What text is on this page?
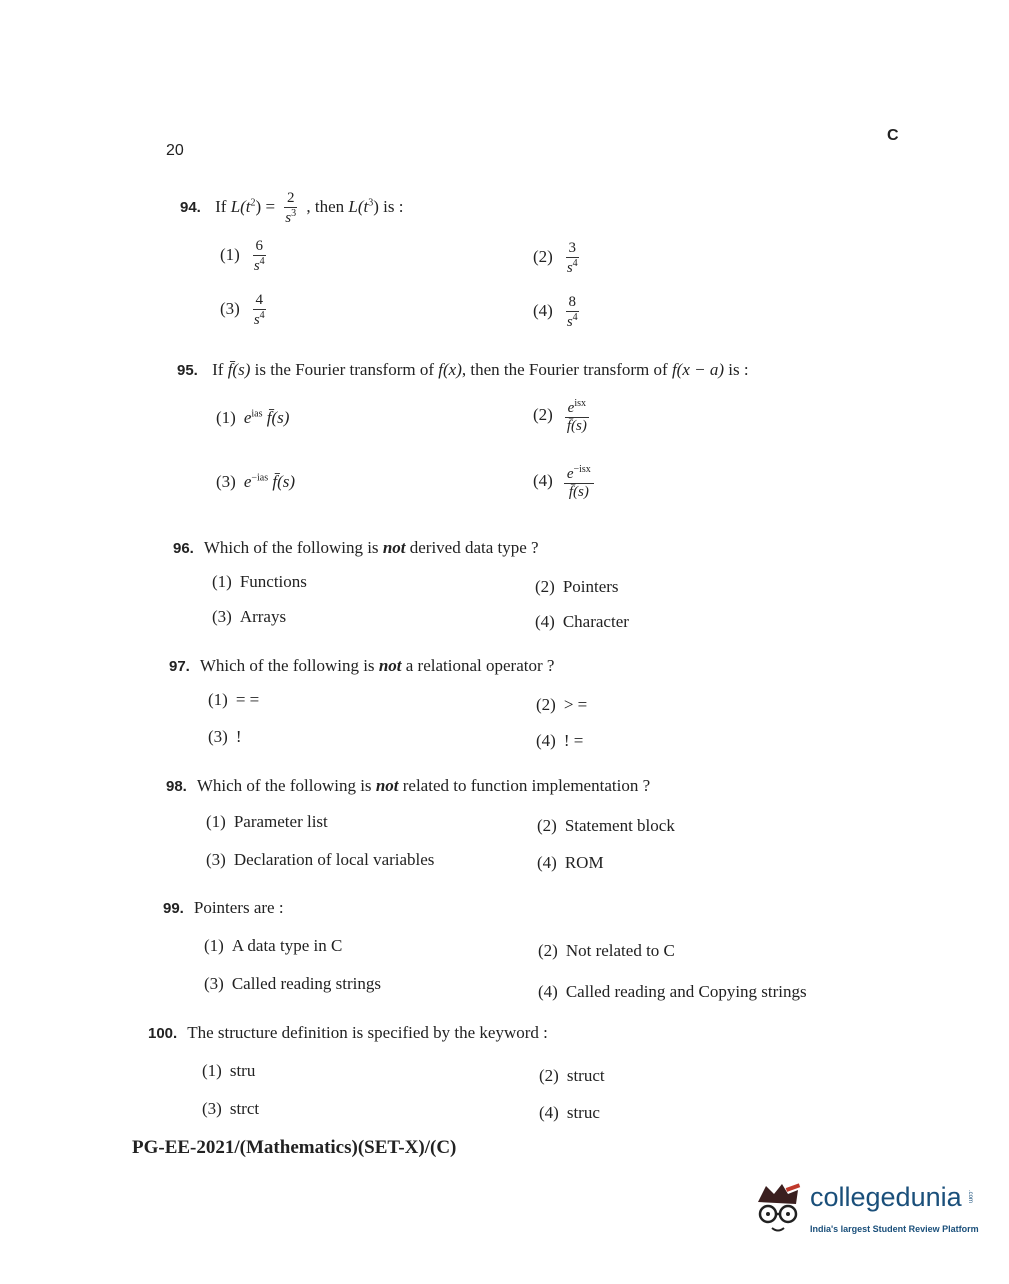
20
C
94. If $L(t^2) = \frac{2}{s^3}$ , then $L(t^3)$ is :
$(1) \frac{6}{s^4}$	$(2) \frac{3}{s^4}$
$(3) \frac{4}{s^4}$	$(4) \frac{8}{s^4}$
95. If f̄(s) is the Fourier transform of f(x), then the Fourier transform of f(x − a) is :
(1) $e^{ias}$ f̄(s)	$(2) \frac{e^{isx}}{f̄(s)}$
(3) $e^{-ias}$ f̄(s)	$(4) \frac{e^{-isx}}{f̄(s)}$
96. Which of the following is not derived data type ?
(1) Functions	(2) Pointers
(3) Arrays	(4) Character
97. Which of the following is not a relational operator ?
(1) = =	(2) > =
(3) !	(4) ! =
98. Which of the following is not related to function implementation ?
(1) Parameter list	(2) Statement block
(3) Declaration of local variables	(4) ROM
99. Pointers are :
(1) A data type in C	(2) Not related to C
(3) Called reading strings	(4) Called reading and Copying strings
100. The structure definition is specified by the keyword :
(1) stru	(2) struct
(3) strct	(4) struc
PG-EE-2021/(Mathematics)(SET-X)/(C)
collegedunia .com
India's largest Student Review Platform
